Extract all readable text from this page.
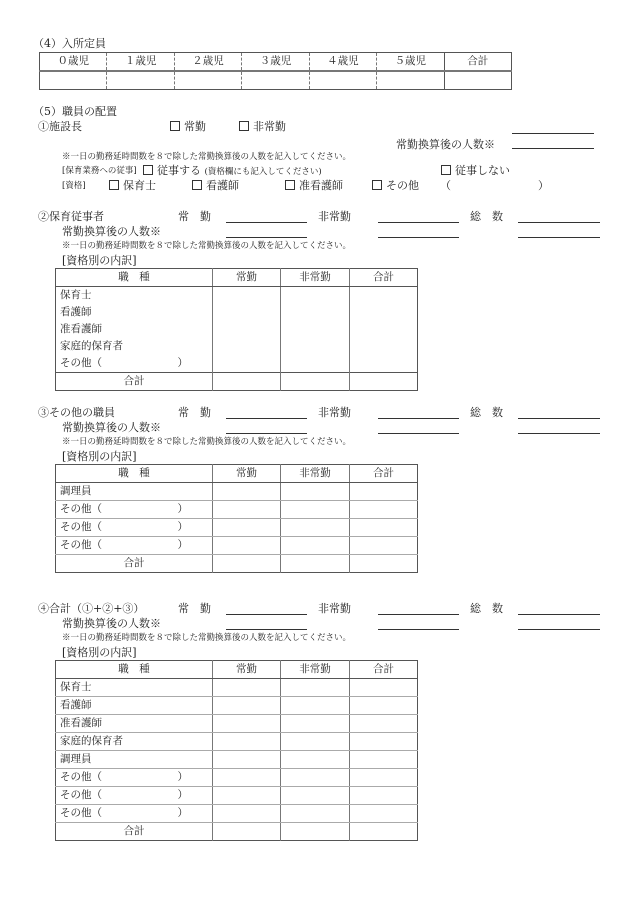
（4）入所定員
０歳児	１歳児	２歳児	３歳児	４歳児	５歳児	合計

（5）職員の配置
①施設長	常勤	非常勤
常勤換算後の人数※
※一日の勤務延時間数を８で除した常勤換算後の人数を記入してください。
[保育業務への従事]	従事する (資格欄にも記入してください)	従事しない
[資格]	保育士	看護師	准看護師	その他 （	）
②保育従事者	常　勤	非常勤	総　数
常勤換算後の人数※
※一日の勤務延時間数を８で除した常勤換算後の人数を記入してください。
[資格別の内訳]
職　種	常勤	非常勤	合計
保育士			
看護師			
准看護師			
家庭的保育者			
その他（ ）			

合計			
③その他の職員	常　勤	非常勤	総　数
常勤換算後の人数※
※一日の勤務延時間数を８で除した常勤換算後の人数を記入してください。
[資格別の内訳]
職　種	常勤	非常勤	合計
調理員			
その他（ ）			

その他（ ）			

その他（ ）			

合計			
④合計（①+②+③）	常　勤	非常勤	総　数
常勤換算後の人数※
※一日の勤務延時間数を８で除した常勤換算後の人数を記入してください。
[資格別の内訳]
職　種	常勤	非常勤	合計
保育士			
看護師			
准看護師			
家庭的保育者			
調理員			
その他（ ）			

その他（ ）			

その他（ ）			

合計			
